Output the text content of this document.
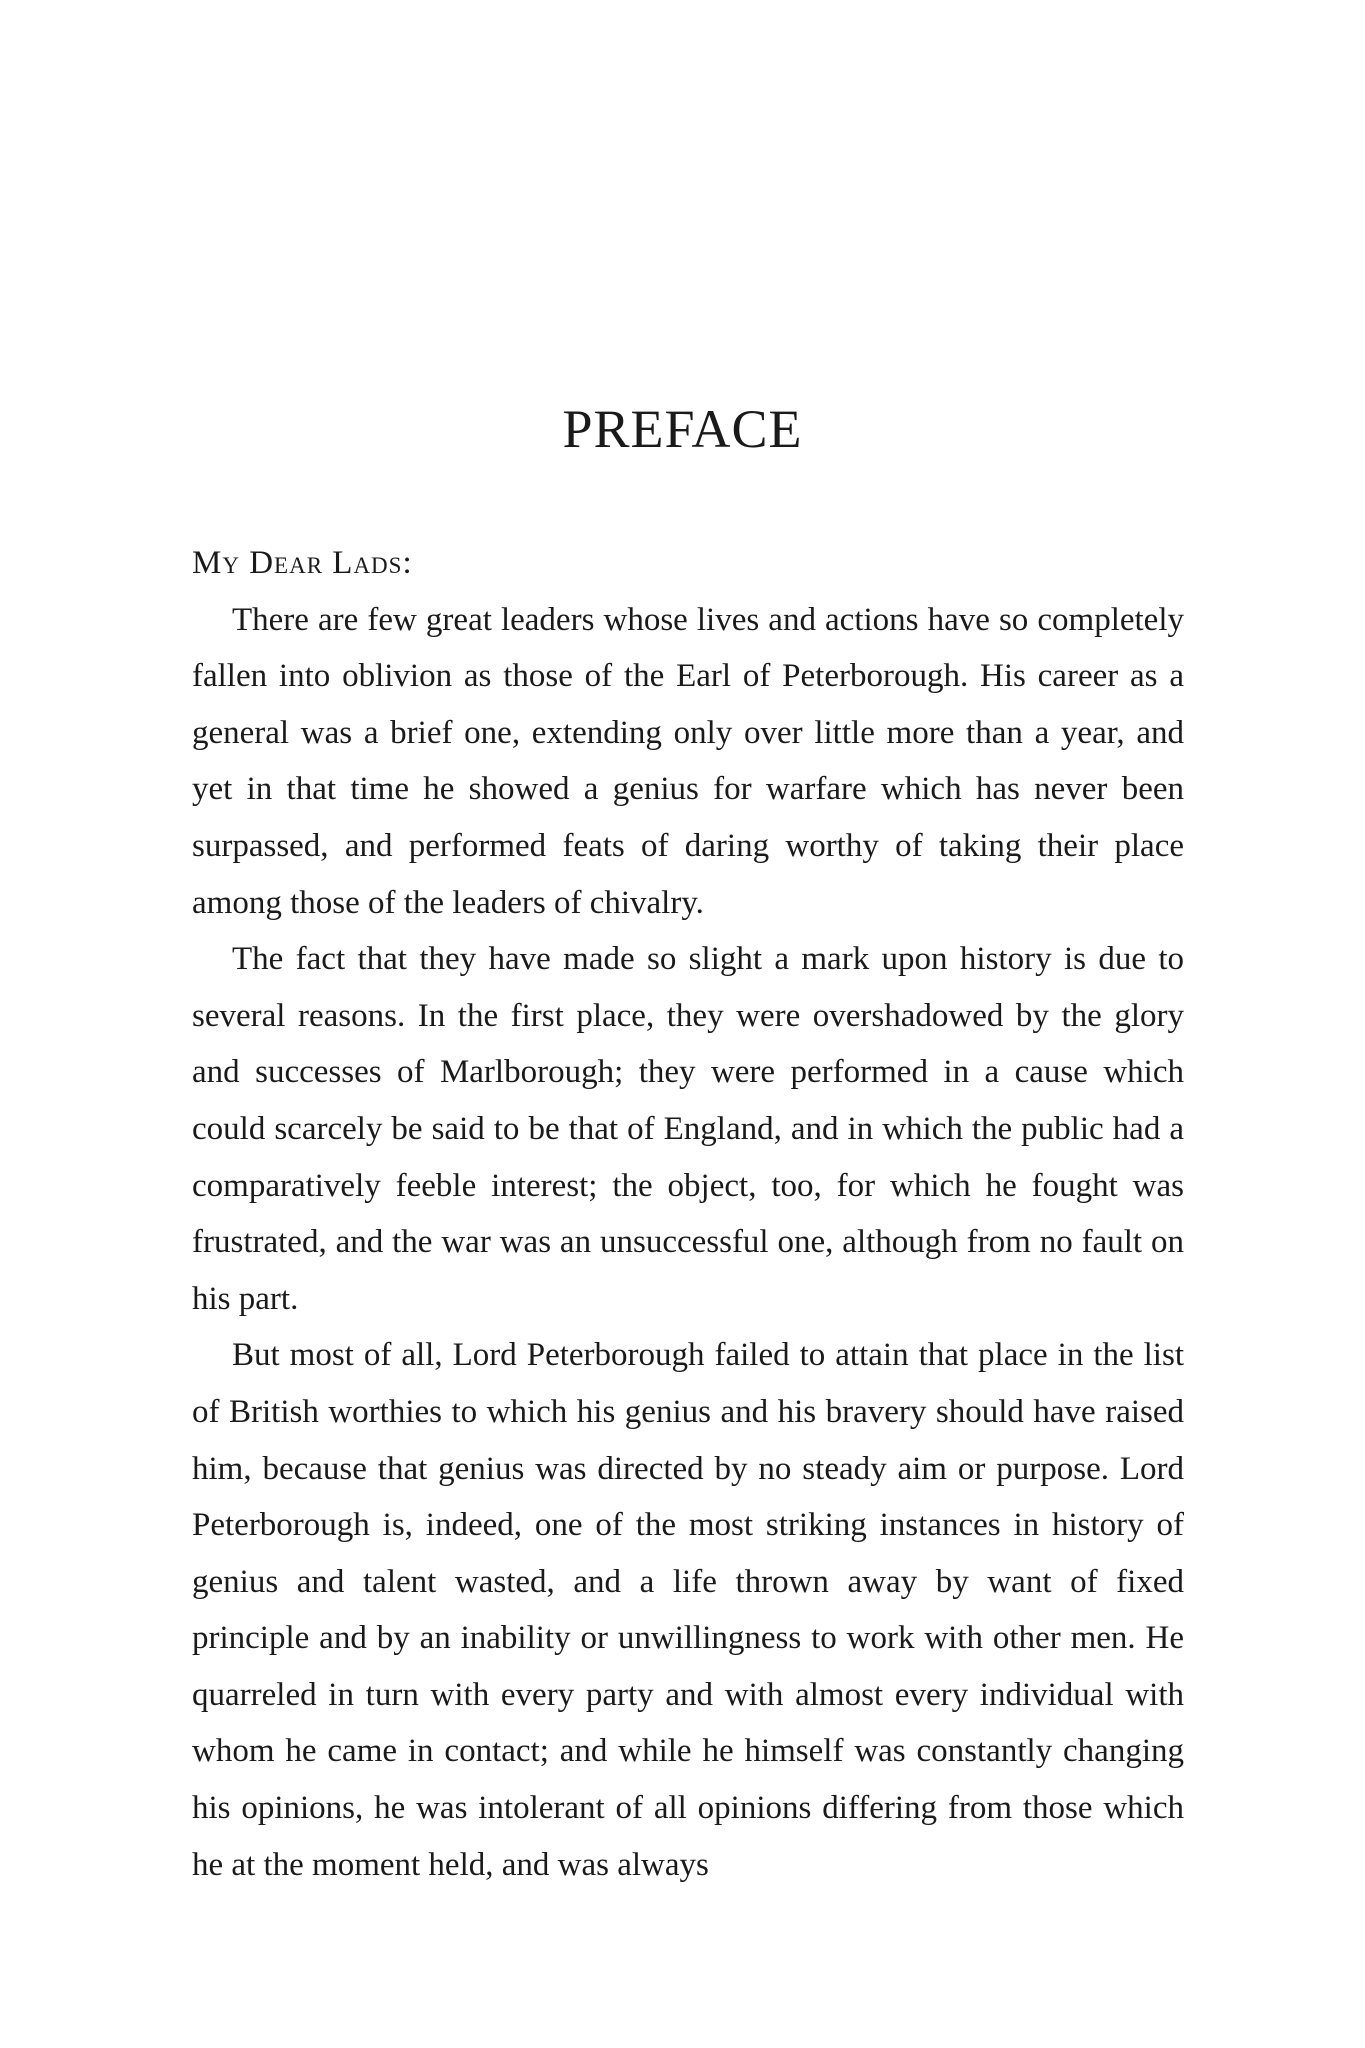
PREFACE

My Dear Lads:

There are few great leaders whose lives and actions have so completely fallen into oblivion as those of the Earl of Peterborough. His career as a general was a brief one, extending only over little more than a year, and yet in that time he showed a genius for warfare which has never been surpassed, and performed feats of daring worthy of taking their place among those of the leaders of chivalry.

The fact that they have made so slight a mark upon history is due to several reasons. In the first place, they were overshadowed by the glory and successes of Marlborough; they were performed in a cause which could scarcely be said to be that of England, and in which the public had a comparatively feeble interest; the object, too, for which he fought was frustrated, and the war was an unsuccessful one, although from no fault on his part.

But most of all, Lord Peterborough failed to attain that place in the list of British worthies to which his genius and his bravery should have raised him, because that genius was directed by no steady aim or purpose. Lord Peterborough is, indeed, one of the most striking instances in history of genius and talent wasted, and a life thrown away by want of fixed principle and by an inability or unwillingness to work with other men. He quarreled in turn with every party and with almost every individual with whom he came in contact; and while he himself was constantly changing his opinions, he was intolerant of all opinions differing from those which he at the moment held, and was always
